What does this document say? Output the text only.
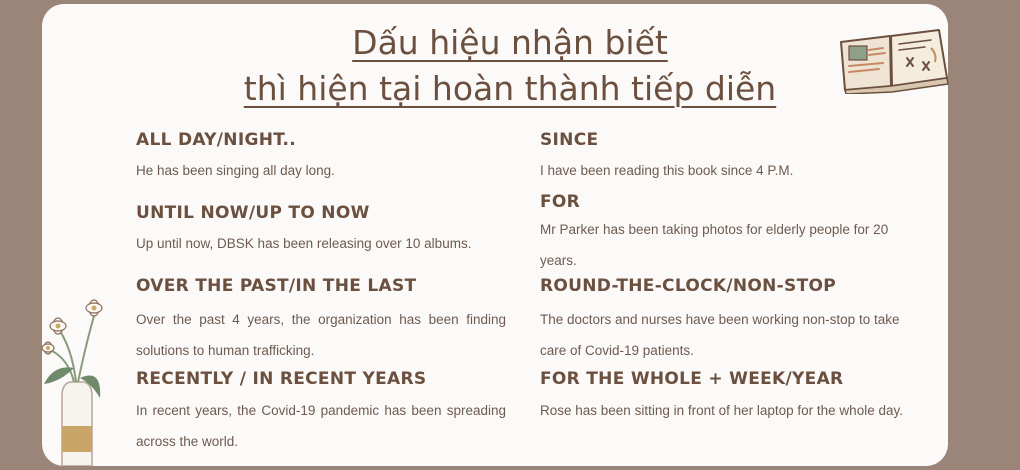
Dấu hiệu nhận biết
thì hiện tại hoàn thành tiếp diễn
ALL DAY/NIGHT..
He has been singing all day long.
UNTIL NOW/UP TO NOW
Up until now, DBSK has been releasing over 10 albums.
OVER THE PAST/IN THE LAST
Over the past 4 years, the organization has been finding solutions to human trafficking.
RECENTLY / IN RECENT YEARS
In recent years, the Covid-19 pandemic has been spreading across the world.
SINCE
I have been reading this book since 4 P.M.
FOR
Mr Parker has been taking photos for elderly people for 20 years.
ROUND-THE-CLOCK/NON-STOP
The doctors and nurses have been working non-stop to take care of Covid-19 patients.
FOR THE WHOLE + WEEK/YEAR
Rose has been sitting in front of her laptop for the whole day.
